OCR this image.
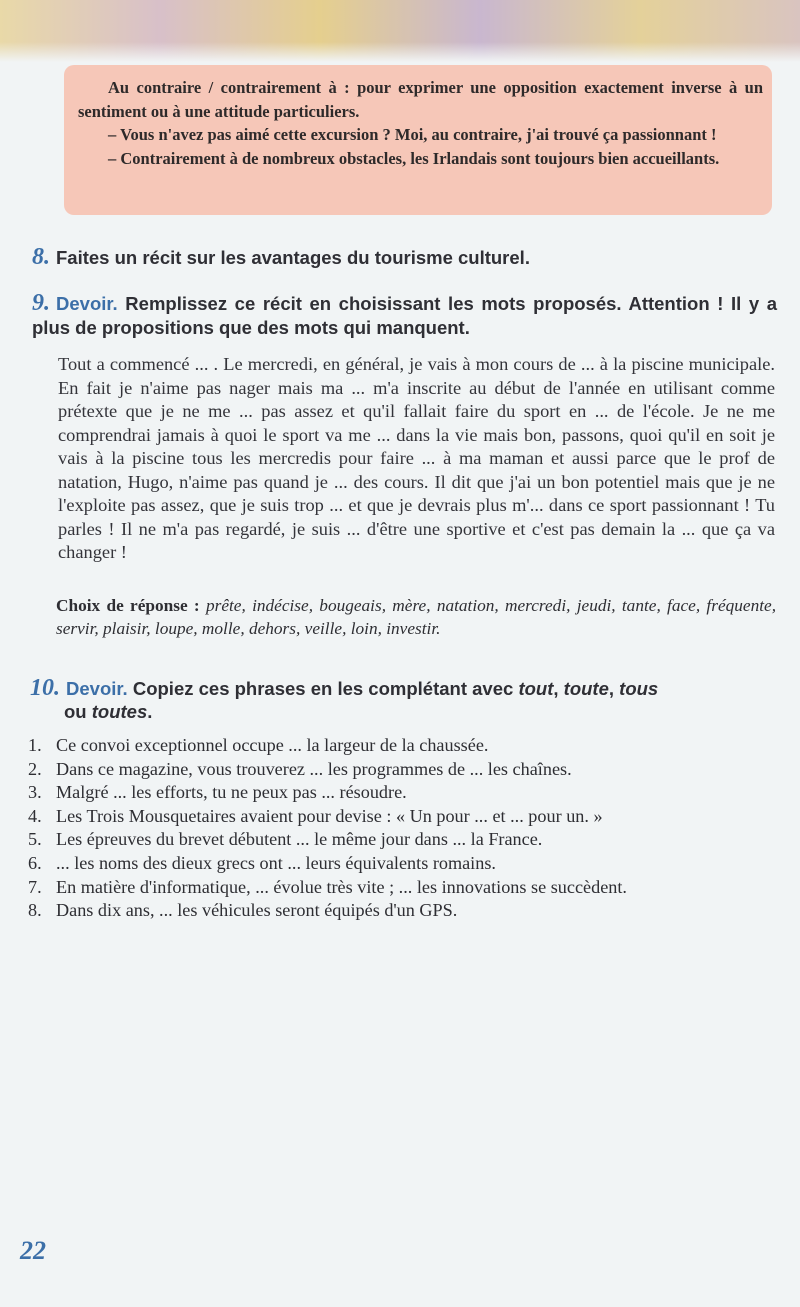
Au contraire / contrairement à : pour exprimer une opposition exactement inverse à un sentiment ou à une attitude particuliers.

– Vous n'avez pas aimé cette excursion ? Moi, au contraire, j'ai trouvé ça passionnant !

– Contrairement à de nombreux obstacles, les Irlandais sont toujours bien accueillants.

8. Faites un récit sur les avantages du tourisme culturel.

9. Devoir. Remplissez ce récit en choisissant les mots proposés. Attention ! Il y a plus de propositions que des mots qui manquent.

Tout a commencé ... . Le mercredi, en général, je vais à mon cours de ... à la piscine municipale. En fait je n'aime pas nager mais ma ... m'a inscrite au début de l'année en utilisant comme prétexte que je ne me ... pas assez et qu'il fallait faire du sport en ... de l'école. Je ne me comprendrai jamais à quoi le sport va me ... dans la vie mais bon, passons, quoi qu'il en soit je vais à la piscine tous les mercredis pour faire ... à ma maman et aussi parce que le prof de natation, Hugo, n'aime pas quand je ... des cours. Il dit que j'ai un bon potentiel mais que je ne l'exploite pas assez, que je suis trop ... et que je devrais plus m'... dans ce sport passionnant ! Tu parles ! Il ne m'a pas regardé, je suis ... d'être une sportive et c'est pas demain la ... que ça va changer !

Choix de réponse : prête, indécise, bougeais, mère, natation, mercredi, jeudi, tante, face, fréquente, servir, plaisir, loupe, molle, dehors, veille, loin, investir.

10. Devoir. Copiez ces phrases en les complétant avec tout, toute, tous
ou toutes.
1. Ce convoi exceptionnel occupe ... la largeur de la chaussée.
2. Dans ce magazine, vous trouverez ... les programmes de ... les chaînes.
3. Malgré ... les efforts, tu ne peux pas ... résoudre.
4. Les Trois Mousquetaires avaient pour devise : « Un pour ... et ... pour un. »
5. Les épreuves du brevet débutent ... le même jour dans ... la France.
6. ... les noms des dieux grecs ont ... leurs équivalents romains.
7. En matière d'informatique, ... évolue très vite ; ... les innovations se succèdent.
8. Dans dix ans, ... les véhicules seront équipés d'un GPS.

22
